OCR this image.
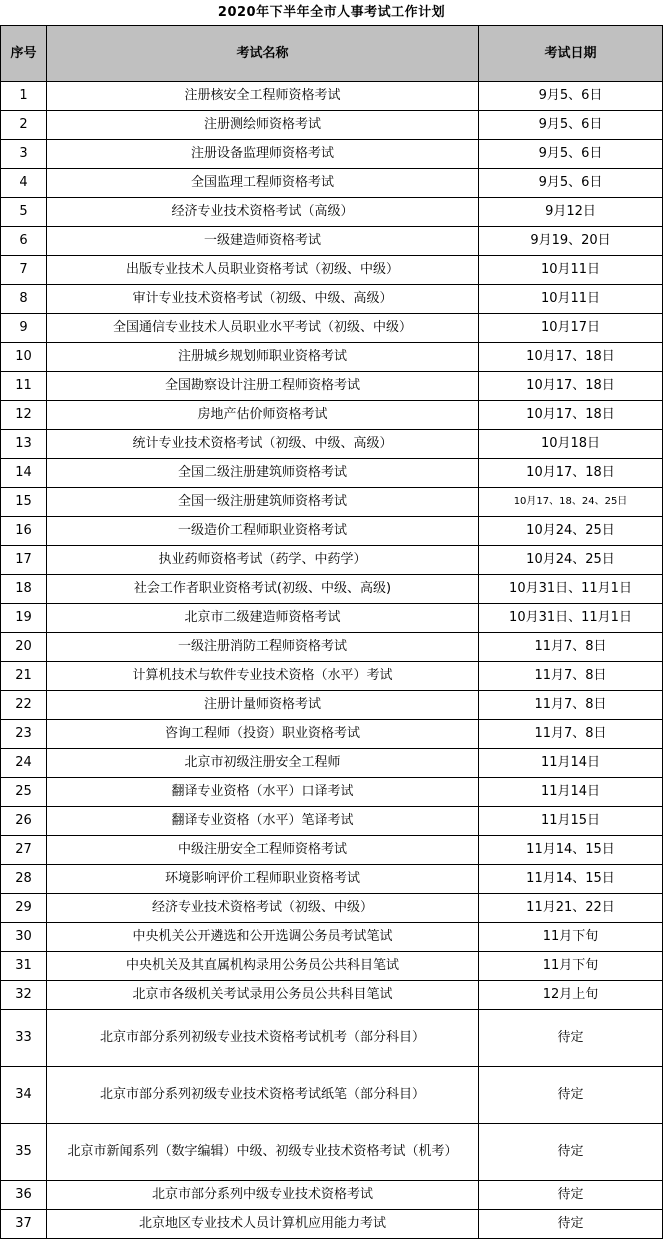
2020年下半年全市人事考试工作计划
序号	考试名称	考试日期
1	注册核安全工程师资格考试	9月5、6日
2	注册测绘师资格考试	9月5、6日
3	注册设备监理师资格考试	9月5、6日
4	全国监理工程师资格考试	9月5、6日
5	经济专业技术资格考试（高级）	9月12日
6	一级建造师资格考试	9月19、20日
7	出版专业技术人员职业资格考试（初级、中级）	10月11日
8	审计专业技术资格考试（初级、中级、高级）	10月11日
9	全国通信专业技术人员职业水平考试（初级、中级）	10月17日
10	注册城乡规划师职业资格考试	10月17、18日
11	全国勘察设计注册工程师资格考试	10月17、18日
12	房地产估价师资格考试	10月17、18日
13	统计专业技术资格考试（初级、中级、高级）	10月18日
14	全国二级注册建筑师资格考试	10月17、18日
15	全国一级注册建筑师资格考试	10月17、18、24、25日
16	一级造价工程师职业资格考试	10月24、25日
17	执业药师资格考试（药学、中药学）	10月24、25日
18	社会工作者职业资格考试(初级、中级、高级)	10月31日、11月1日
19	北京市二级建造师资格考试	10月31日、11月1日
20	一级注册消防工程师资格考试	11月7、8日
21	计算机技术与软件专业技术资格（水平）考试	11月7、8日
22	注册计量师资格考试	11月7、8日
23	咨询工程师（投资）职业资格考试	11月7、8日
24	北京市初级注册安全工程师	11月14日
25	翻译专业资格（水平）口译考试	11月14日
26	翻译专业资格（水平）笔译考试	11月15日
27	中级注册安全工程师资格考试	11月14、15日
28	环境影响评价工程师职业资格考试	11月14、15日
29	经济专业技术资格考试（初级、中级）	11月21、22日
30	中央机关公开遴选和公开选调公务员考试笔试	11月下旬
31	中央机关及其直属机构录用公务员公共科目笔试	11月下旬
32	北京市各级机关考试录用公务员公共科目笔试	12月上旬
33	北京市部分系列初级专业技术资格考试机考（部分科目）	待定
34	北京市部分系列初级专业技术资格考试纸笔（部分科目）	待定
35	北京市新闻系列（数字编辑）中级、初级专业技术资格考试（机考）	待定
36	北京市部分系列中级专业技术资格考试	待定
37	北京地区专业技术人员计算机应用能力考试	待定
